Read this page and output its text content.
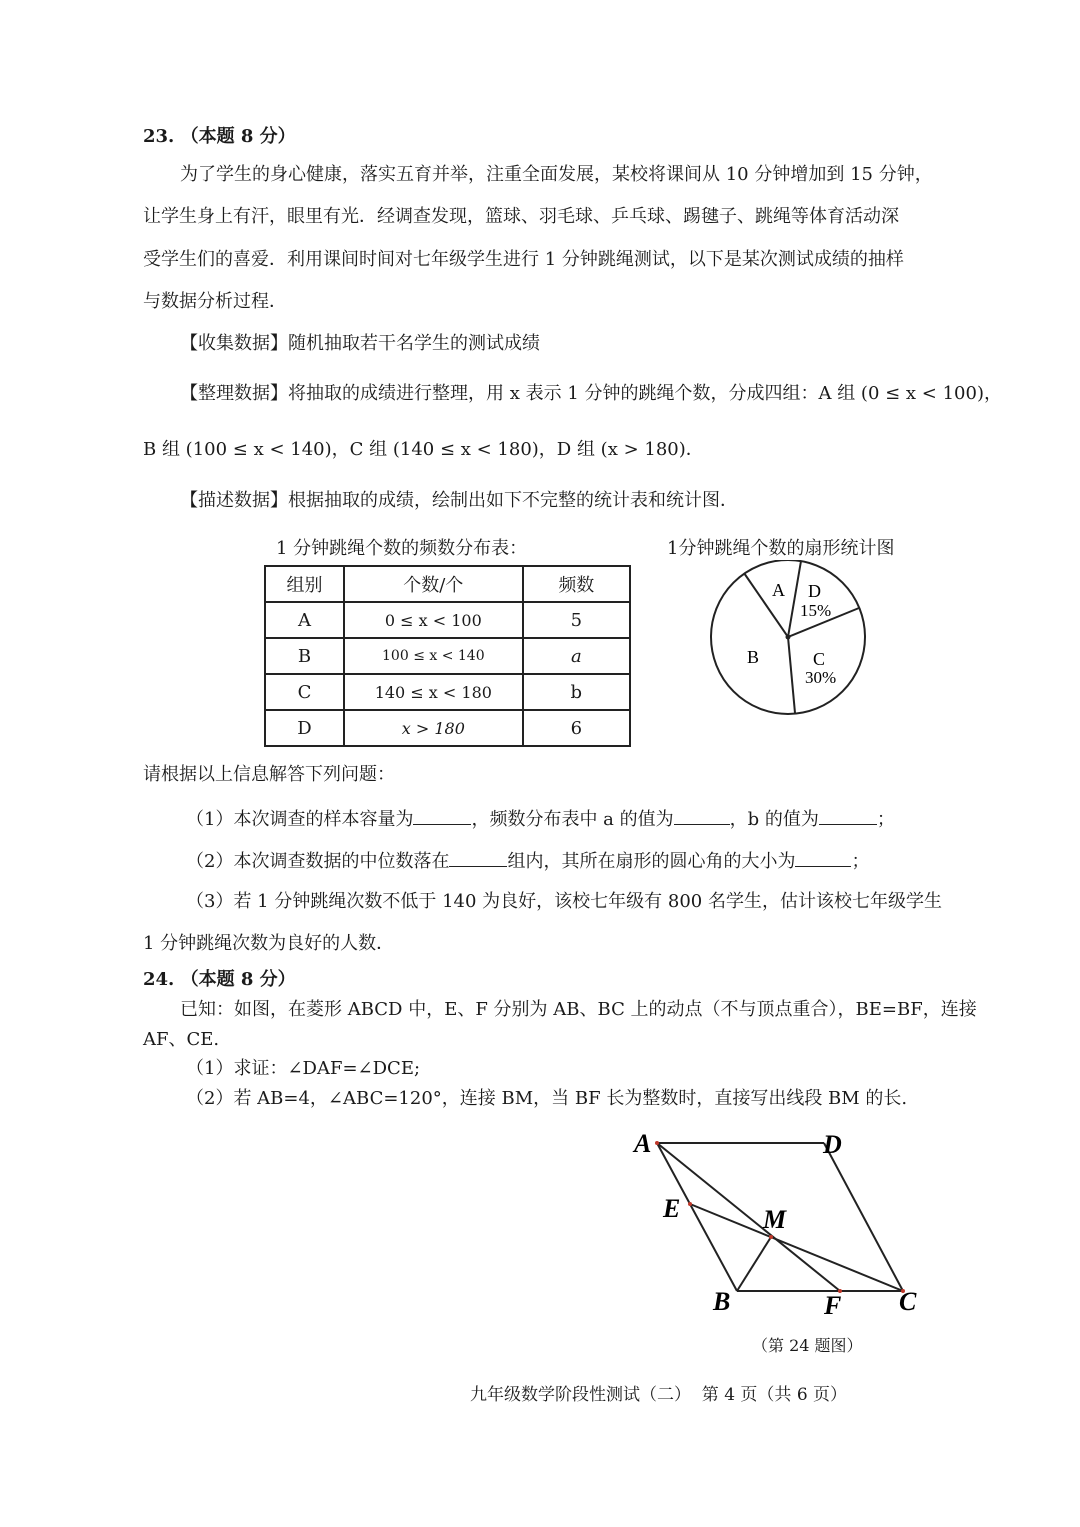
23. （本题 8 分）
为了学生的身心健康，落实五育并举，注重全面发展，某校将课间从 10 分钟增加到 15 分钟，
让学生身上有汗，眼里有光．经调查发现，篮球、羽毛球、乒乓球、踢毽子、跳绳等体育活动深
受学生们的喜爱．利用课间时间对七年级学生进行 1 分钟跳绳测试，以下是某次测试成绩的抽样
与数据分析过程．
【收集数据】随机抽取若干名学生的测试成绩
【整理数据】将抽取的成绩进行整理，用 x 表示 1 分钟的跳绳个数，分成四组：A 组 (0 ≤ x < 100)，
B 组 (100 ≤ x < 140)，C 组 (140 ≤ x < 180)，D 组 (x > 180)．
【描述数据】根据抽取的成绩，绘制出如下不完整的统计表和统计图．
1 分钟跳绳个数的频数分布表：
组别	个数/个	频数
A	0 ≤ x < 100	5
B	100 ≤ x < 140	a
C	140 ≤ x < 180	b
D	x > 180	6
1分钟跳绳个数的扇形统计图
A D
15%
B	C
30%
请根据以上信息解答下列问题：
（1）本次调查的样本容量为	，频数分布表中 a 的值为	，b 的值为	；
（2）本次调查数据的中位数落在	组内，其所在扇形的圆心角的大小为	；
（3）若 1 分钟跳绳次数不低于 140 为良好，该校七年级有 800 名学生，估计该校七年级学生
1 分钟跳绳次数为良好的人数．
24. （本题 8 分）
已知：如图，在菱形 ABCD 中，E、F 分别为 AB、BC 上的动点（不与顶点重合），BE=BF，连接
AF、CE.
（1）求证：∠DAF=∠DCE;
（2）若 AB=4，∠ABC=120°，连接 BM，当 BF 长为整数时，直接写出线段 BM 的长.
A	D
E	M
B	F C
（第 24 题图）
九年级数学阶段性测试（二）  第 4 页（共 6 页）
